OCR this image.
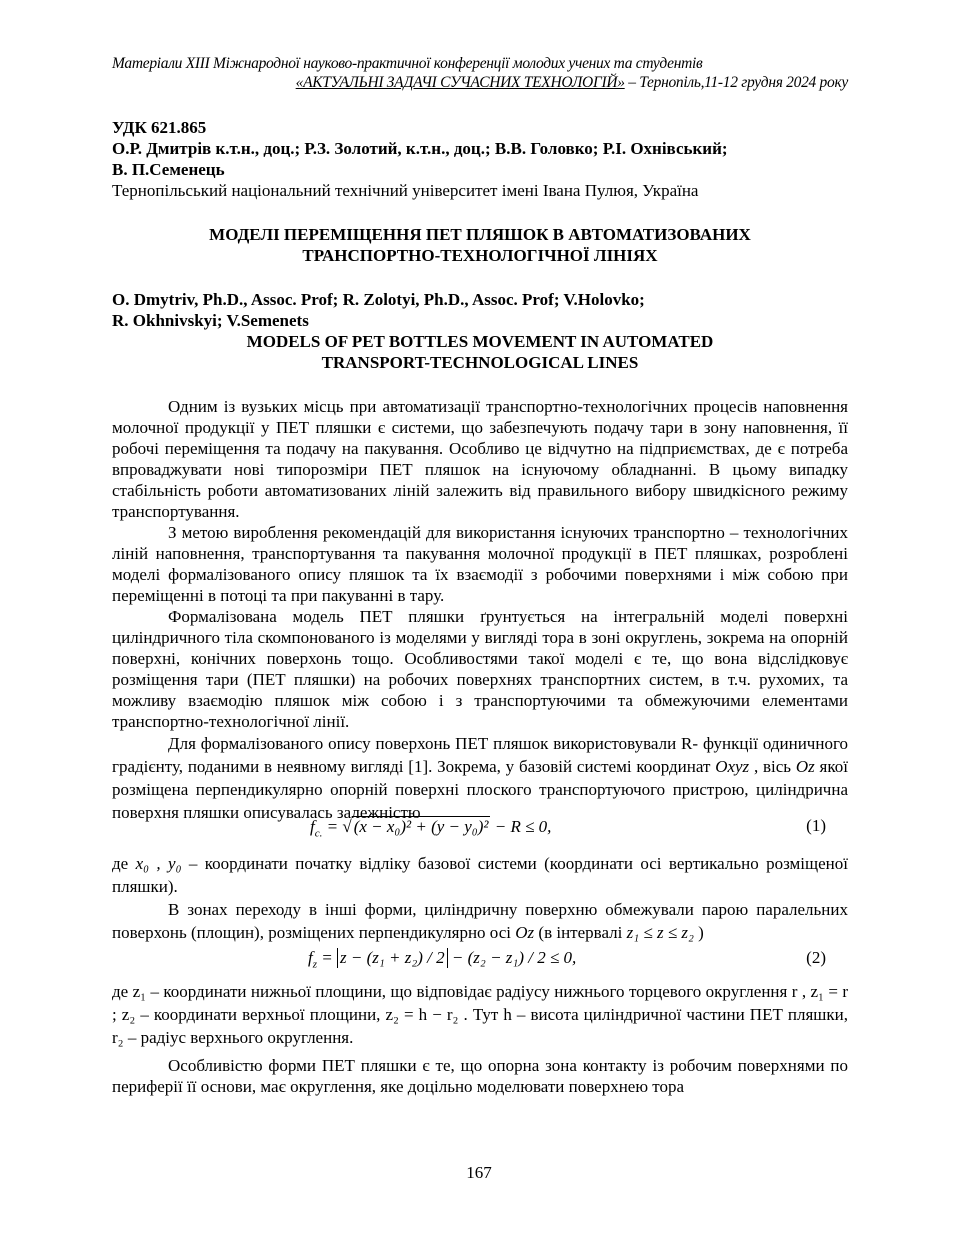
Матеріали XIII Міжнародної науково-практичної конференції молодих учених та студентів
«АКТУАЛЬНІ ЗАДАЧІ СУЧАСНИХ ТЕХНОЛОГІЙ» – Тернопіль,11-12 грудня 2024 року
УДК 621.865
О.Р. Дмитрів к.т.н., доц.; Р.З. Золотий, к.т.н., доц.; В.В. Головко; Р.І. Охнівський;
В. П.Семенець
Тернопільський національний технічний університет імені Івана Пулюя, Україна
МОДЕЛІ ПЕРЕМІЩЕННЯ ПЕТ ПЛЯШОК В АВТОМАТИЗОВАНИХ
ТРАНСПОРТНО-ТЕХНОЛОГІЧНОЇ ЛІНІЯХ
O. Dmytriv, Ph.D., Assoc. Prof; R. Zolotyi, Ph.D., Assoc. Prof; V.Holovko;
R. Okhnivskyi; V.Semenets
MODELS OF PET BOTTLES MOVEMENT IN AUTOMATED
TRANSPORT-TECHNOLOGICAL LINES

Одним із вузьких місць при автоматизації транспортно-технологічних процесів наповнення молочної продукції у ПЕТ пляшки є системи, що забезпечують подачу тари в зону наповнення, її робочі переміщення та подачу на пакування. Особливо це відчутно на підприємствах, де є потреба впроваджувати нові типорозміри ПЕТ пляшок на існуючому обладнанні. В цьому випадку стабільність роботи автоматизованих ліній залежить від правильного вибору швидкісного режиму транспортування.

З метою вироблення рекомендацій для використання існуючих транспортно – технологічних ліній наповнення, транспортування та пакування молочної продукції в ПЕТ пляшках, розроблені моделі формалізованого опису пляшок та їх взаємодії з робочими поверхнями і між собою при переміщенні в потоці та при пакуванні в тару.

Формалізована модель ПЕТ пляшки ґрунтується на інтегральній моделі поверхні циліндричного тіла скомпонованого із моделями у вигляді тора в зоні округлень, зокрема на опорній поверхні, конічних поверхонь тощо. Особливостями такої моделі є те, що вона відслідковує розміщення тари (ПЕТ пляшки) на робочих поверхнях транспортних систем, в т.ч. рухомих, та можливу взаємодію пляшок між собою і з транспортуючими та обмежуючими елементами транспортно-технологічної лінії.

Для формалізованого опису поверхонь ПЕТ пляшок використовували R- функції одиничного градієнту, поданими в неявному вигляді [1]. Зокрема, у базовій системі координат Oxyz , вісь Oz якої розміщена перпендикулярно опорній поверхні плоского транспортуючого пристрою, циліндрична поверхня пляшки описувалась залежністю

$f_{c.}$ = √ (x − x₀)² + (y − y₀)² − R ≤ 0,	(1)

де x₀ , y₀ – координати початку відліку базової системи (координати осі вертикально розміщеної пляшки).

В зонах переходу в інші форми, циліндричну поверхню обмежували парою паралельних поверхонь (площин), розміщених перпендикулярно осі Oz (в інтервалі z₁ ≤ z ≤ z₂ )

$f_z = z - (z_1 + z_2) / 2 - (z_2 - z_1) / 2 \le 0$,	(2)

де z₁ – координати нижньої площини, що відповідає радіусу нижнього торцевого округлення r , z₁ = r ; z₂ – координати верхньої площини, z₂ = h − r₂ . Тут h – висота циліндричної частини ПЕТ пляшки, r₂ – радіус верхнього округлення.

Особливістю форми ПЕТ пляшки є те, що опорна зона контакту із робочим поверхнями по периферії її основи, має округлення, яке доцільно моделювати поверхнею тора

167
